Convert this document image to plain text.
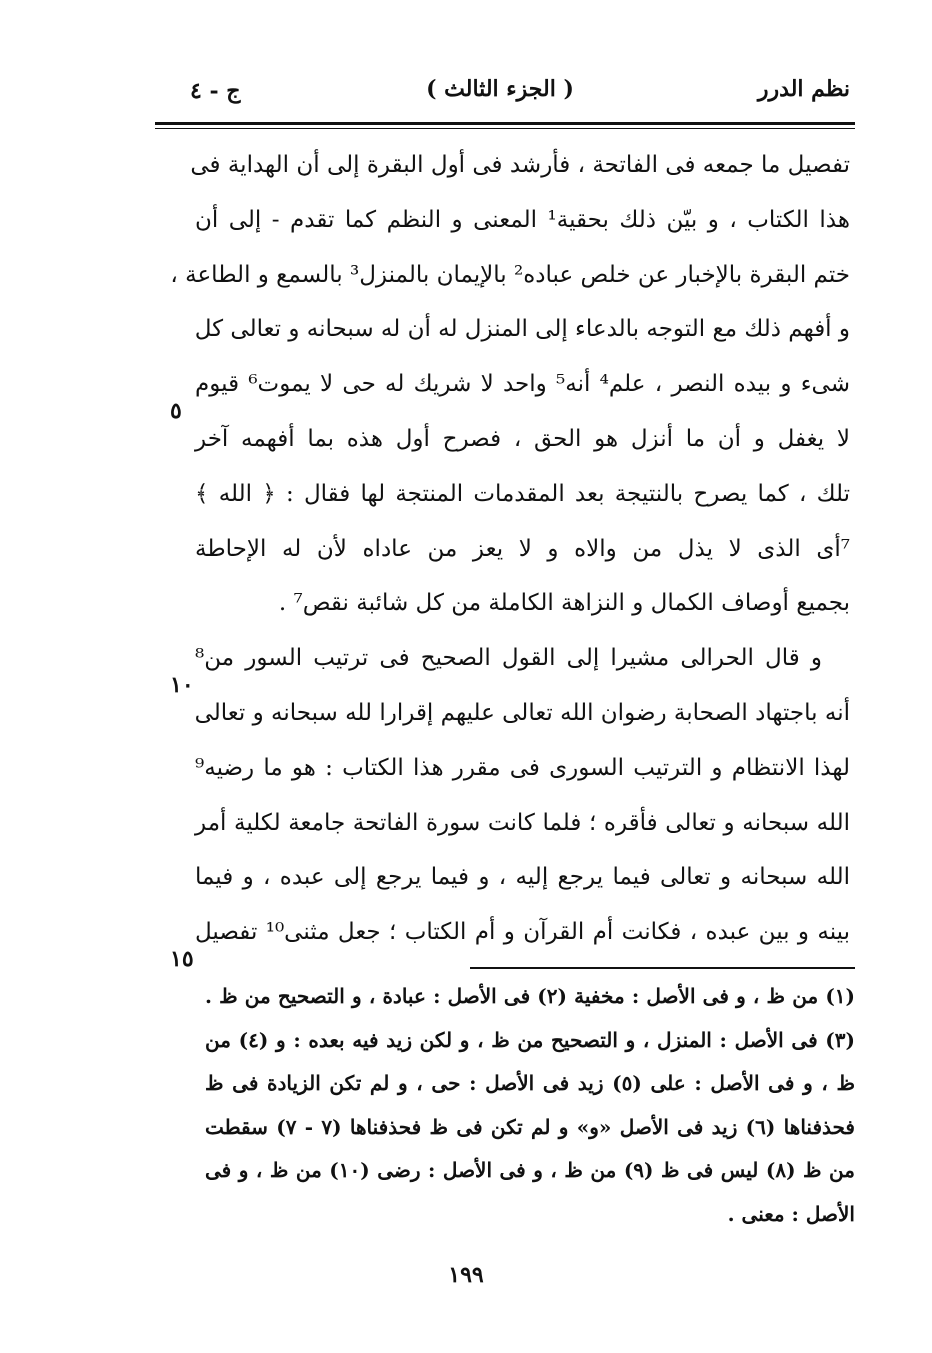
نظم الدرر
( الجزء الثالث )
ج - ٤
تفصيل ما جمعه فى الفاتحة ، فأرشد فى أول البقرة إلى أن الهداية فى
هذا الكتاب ، و بيّن ذلك بحقية¹ المعنى و النظم كما تقدم - إلى أن
ختم البقرة بالإخبار عن خلص عباده² بالإيمان بالمنزل³ بالسمع و الطاعة ،
و أفهم ذلك مع التوجه بالدعاء إلى المنزل له أن له سبحانه و تعالى كل
شىء و بيده النصر ، علم⁴ أنه⁵ واحد لا شريك له حى لا يموت⁶ قيوم
لا يغفل و أن ما أنزل هو الحق ، فصرح أول هذه بما أفهمه آخر
تلك ، كما يصرح بالنتيجة بعد المقدمات المنتجة لها فقال : ﴿ الله ﴾
⁷أى الذى لا يذل من والاه و لا يعز من عاداه لأن له الإحاطة
بجميع أوصاف الكمال و النزاهة الكاملة من كل شائبة نقص⁷ .
و قال الحرالى مشيرا إلى القول الصحيح فى ترتيب السور من⁸
أنه باجتهاد الصحابة رضوان الله تعالى عليهم إقرارا لله سبحانه و تعالى
لهذا الانتظام و الترتيب السورى فى مقرر هذا الكتاب : هو ما رضيه⁹
الله سبحانه و تعالى فأقره ؛ فلما كانت سورة الفاتحة جامعة لكلية أمر
الله سبحانه و تعالى فيما يرجع إليه ، و فيما يرجع إلى عبده ، و فيما
بينه و بين عبده ، فكانت أم القرآن و أم الكتاب ؛ جعل مثنى¹⁰ تفصيل
٥
١٠
١٥
(١) من ظ ، و فى الأصل : مخفية (٢) فى الأصل : عبادة ، و التصحيح من ظ .
(٣) فى الأصل : المنزل ، و التصحيح من ظ ، و لكن زيد فيه بعده : و (٤) من
ظ ، و فى الأصل : على (٥) زيد فى الأصل : حى ، و لم تكن الزيادة فى ظ
فحذفناها (٦) زيد فى الأصل «و» و لم تكن فى ظ فحذفناها (٧ - ٧) سقطت
من ظ (٨) ليس فى ظ (٩) من ظ ، و فى الأصل : رضى (١٠) من ظ ، و فى
الأصل : معنى .
١٩٩
